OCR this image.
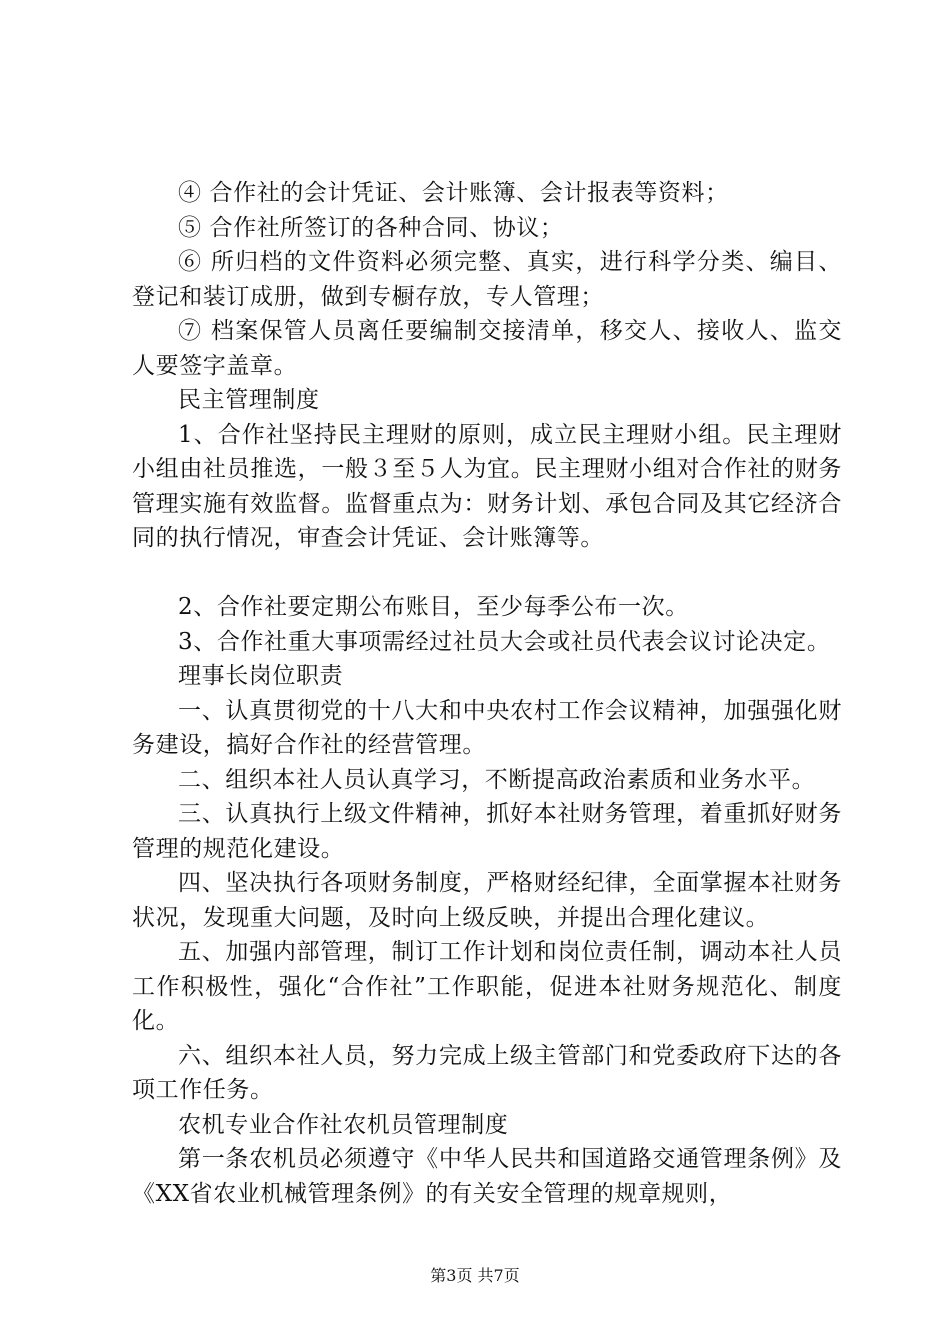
④ 合作社的会计凭证、会计账簿、会计报表等资料；

⑤ 合作社所签订的各种合同、协议；

⑥ 所归档的文件资料必须完整、真实，进行科学分类、编目、登记和装订成册，做到专橱存放，专人管理；

⑦ 档案保管人员离任要编制交接清单，移交人、接收人、监交人要签字盖章。

民主管理制度

1、合作社坚持民主理财的原则，成立民主理财小组。民主理财小组由社员推选，一般３至５人为宜。民主理财小组对合作社的财务管理实施有效监督。监督重点为：财务计划、承包合同及其它经济合同的执行情况，审查会计凭证、会计账簿等。

2、合作社要定期公布账目，至少每季公布一次。

3、合作社重大事项需经过社员大会或社员代表会议讨论决定。

理事长岗位职责

一、认真贯彻党的十八大和中央农村工作会议精神，加强强化财务建设，搞好合作社的经营管理。

二、组织本社人员认真学习，不断提高政治素质和业务水平。

三、认真执行上级文件精神，抓好本社财务管理，着重抓好财务管理的规范化建设。

四、坚决执行各项财务制度，严格财经纪律，全面掌握本社财务状况，发现重大问题，及时向上级反映，并提出合理化建议。

五、加强内部管理，制订工作计划和岗位责任制，调动本社人员工作积极性，强化“合作社”工作职能，促进本社财务规范化、制度化。

六、组织本社人员，努力完成上级主管部门和党委政府下达的各项工作任务。

农机专业合作社农机员管理制度

第一条农机员必须遵守《中华人民共和国道路交通管理条例》及《XX省农业机械管理条例》的有关安全管理的规章规则，

第3页 共7页
